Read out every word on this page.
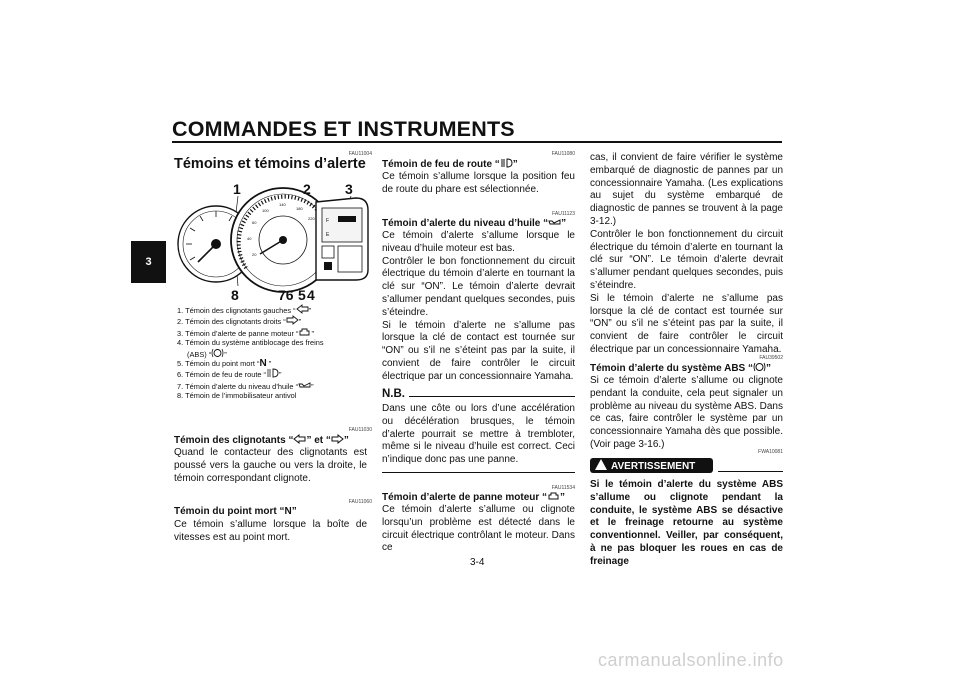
COMMANDES ET INSTRUMENTS
3
FAU11004
Témoins et témoins d’alerte
20
40
60
100
140
180
220 F
E
1	2 3
8	76 5 4
1. Témoin des clignotants gauches “ ”
2. Témoin des clignotants droits “ ”
3. Témoin d’alerte de panne moteur “ ”
4. Témoin du système antiblocage des freins
(ABS) “ ”
5. Témoin du point mort “N ”
6. Témoin de feu de route “ ”
7. Témoin d’alerte du niveau d’huile “ ”
8. Témoin de l’immobilisateur antivol
FAU11030
Témoin des clignotants “ ” et “ ”
Quand le contacteur des clignotants est poussé vers la gauche ou vers la droite, le témoin correspondant clignote.
FAU11060
Témoin du point mort “N”
Ce témoin s’allume lorsque la boîte de vitesses est au point mort.
FAU11080
Témoin de feu de route “ ”
Ce témoin s’allume lorsque la position feu de route du phare est sélectionnée.
FAU11123
Témoin d’alerte du niveau d’huile “ ”
Ce témoin d’alerte s’allume lorsque le niveau d’huile moteur est bas.
Contrôler le bon fonctionnement du circuit électrique du témoin d’alerte en tournant la clé sur “ON”. Le témoin d’alerte devrait s’allumer pendant quelques secondes, puis s’éteindre.
Si le témoin d’alerte ne s’allume pas lorsque la clé de contact est tournée sur “ON” ou s’il ne s’éteint pas par la suite, il convient de faire contrôler le circuit électrique par un concessionnaire Yamaha.
N.B.
Dans une côte ou lors d’une accélération ou décélération brusques, le témoin d’alerte pourrait se mettre à trembloter, même si le niveau d’huile est correct. Ceci n’indique donc pas une panne.
FAU11534
Témoin d’alerte de panne moteur “ ”
Ce témoin d’alerte s’allume ou clignote lorsqu’un problème est détecté dans le circuit électrique contrôlant le moteur. Dans ce
cas, il convient de faire vérifier le système embarqué de diagnostic de pannes par un concessionnaire Yamaha. (Les explications au sujet du système embarqué de diagnostic de pannes se trouvent à la page 3-12.)
Contrôler le bon fonctionnement du circuit électrique du témoin d’alerte en tournant la clé sur “ON”. Le témoin d’alerte devrait s’allumer pendant quelques secondes, puis s’éteindre.
Si le témoin d’alerte ne s’allume pas lorsque la clé de contact est tournée sur “ON” ou s’il ne s’éteint pas par la suite, il convient de faire contrôler le circuit électrique par un concessionnaire Yamaha.
FAU39502
Témoin d’alerte du système ABS “ ”
Si ce témoin d’alerte s’allume ou clignote pendant la conduite, cela peut signaler un problème au niveau du système ABS. Dans ce cas, faire contrôler le système par un concessionnaire Yamaha dès que possible. (Voir page 3-16.)
FWA10081
AVERTISSEMENT
Si le témoin d’alerte du système ABS s’allume ou clignote pendant la conduite, le système ABS se désactive et le freinage retourne au système conventionnel. Veiller, par conséquent, à ne pas bloquer les roues en cas de freinage
3-4
carmanualsonline.info
